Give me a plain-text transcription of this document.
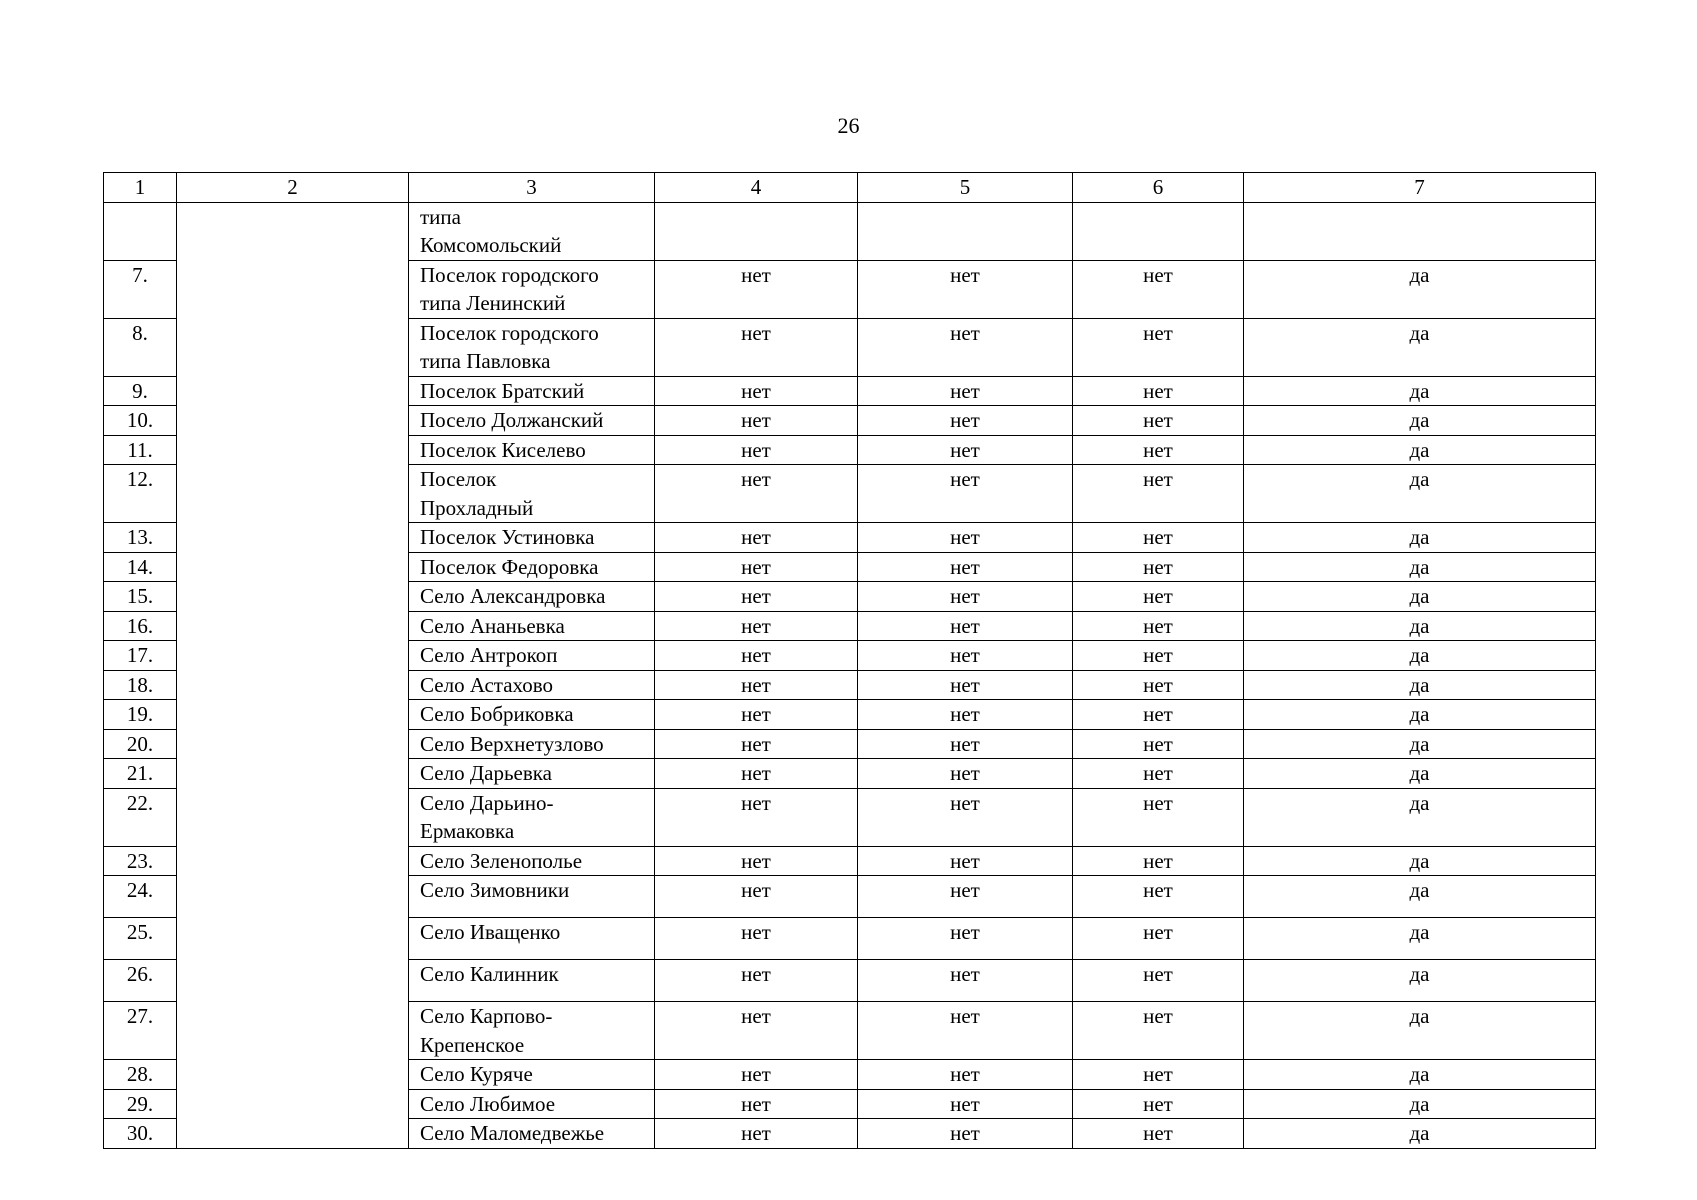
26
1	2	3	4	5	6	7

		типа
Комсомольский				

7.		Поселок городского
типа Ленинский	нет	нет	нет	да
8.		Поселок городского
типа Павловка	нет	нет	нет	да
9.		Поселок Братский	нет	нет	нет	да
10.		Посело Должанский	нет	нет	нет	да
11.		Поселок Киселево	нет	нет	нет	да
12.		Поселок
Прохладный	нет	нет	нет	да
13.		Поселок Устиновка	нет	нет	нет	да
14.		Поселок Федоровка	нет	нет	нет	да
15.		Село Александровка	нет	нет	нет	да
16.		Село Ананьевка	нет	нет	нет	да
17.		Село Антрокоп	нет	нет	нет	да
18.		Село Астахово	нет	нет	нет	да
19.		Село Бобриковка	нет	нет	нет	да
20.		Село Верхнетузлово	нет	нет	нет	да
21.		Село Дарьевка	нет	нет	нет	да
22.		Село Дарьино-
Ермаковка	нет	нет	нет	да
23.		Село Зеленополье	нет	нет	нет	да
24.		Село Зимовники	нет	нет	нет	да
25.		Село Иващенко	нет	нет	нет	да
26.		Село Калинник	нет	нет	нет	да
27.		Село Карпово-
Крепенское	нет	нет	нет	да
28.		Село Куряче	нет	нет	нет	да
29.		Село Любимое	нет	нет	нет	да
30.		Село Маломедвежье	нет	нет	нет	да
